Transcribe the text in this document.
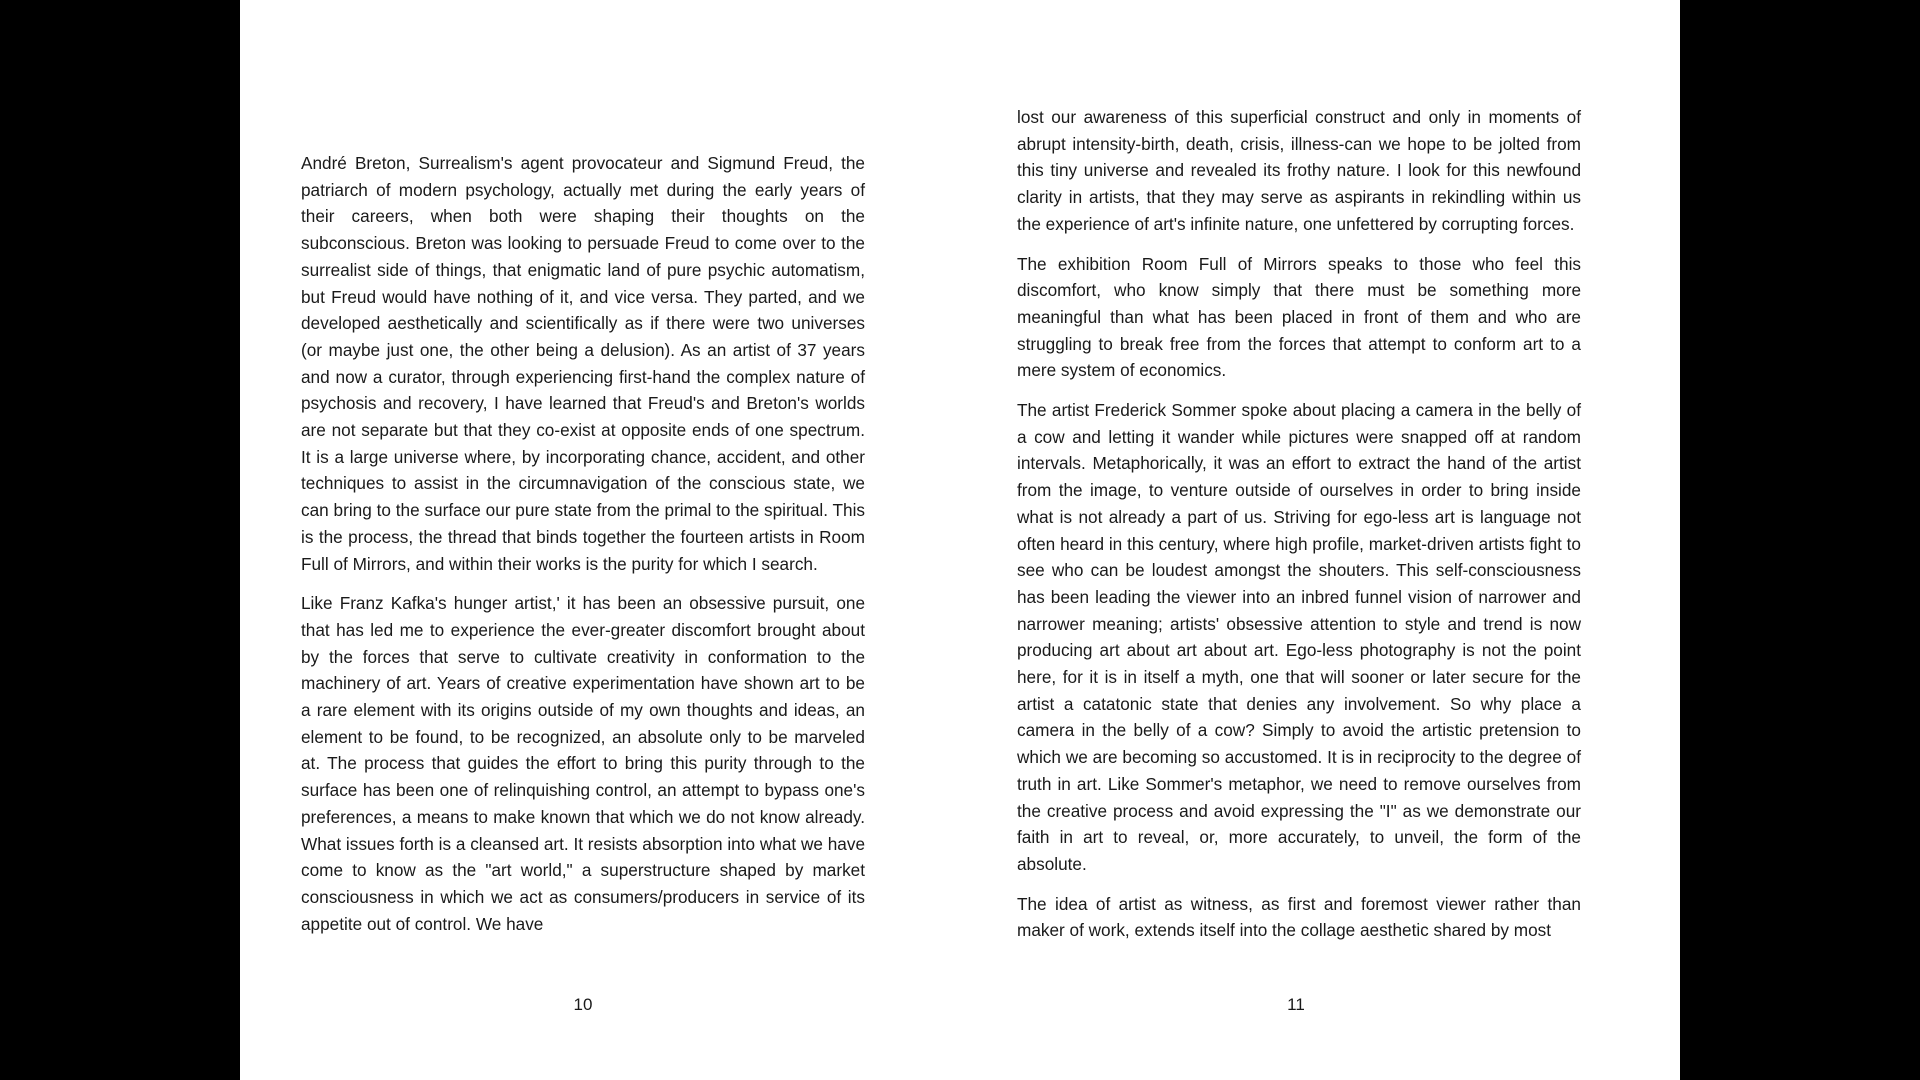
André Breton, Surrealism's agent provocateur and Sigmund Freud, the patriarch of modern psychology, actually met during the early years of their careers, when both were shaping their thoughts on the subconscious. Breton was looking to persuade Freud to come over to the surrealist side of things, that enigmatic land of pure psychic automatism, but Freud would have nothing of it, and vice versa. They parted, and we developed aesthetically and scientifically as if there were two universes (or maybe just one, the other being a delusion). As an artist of 37 years and now a curator, through experiencing first-hand the complex nature of psychosis and recovery, I have learned that Freud's and Breton's worlds are not separate but that they co-exist at opposite ends of one spectrum. It is a large universe where, by incorporating chance, accident, and other techniques to assist in the circumnavigation of the conscious state, we can bring to the surface our pure state from the primal to the spiritual. This is the process, the thread that binds together the fourteen artists in Room Full of Mirrors, and within their works is the purity for which I search.

Like Franz Kafka's hunger artist,' it has been an obsessive pursuit, one that has led me to experience the ever-greater discomfort brought about by the forces that serve to cultivate creativity in conformation to the machinery of art. Years of creative experimentation have shown art to be a rare element with its origins outside of my own thoughts and ideas, an element to be found, to be recognized, an absolute only to be marveled at. The process that guides the effort to bring this purity through to the surface has been one of relinquishing control, an attempt to bypass one's preferences, a means to make known that which we do not know already. What issues forth is a cleansed art. It resists absorption into what we have come to know as the "art world," a superstructure shaped by market consciousness in which we act as consumers/producers in service of its appetite out of control. We have

10

lost our awareness of this superficial construct and only in moments of abrupt intensity-birth, death, crisis, illness-can we hope to be jolted from this tiny universe and revealed its frothy nature. I look for this newfound clarity in artists, that they may serve as aspirants in rekindling within us the experience of art's infinite nature, one unfettered by corrupting forces.

The exhibition Room Full of Mirrors speaks to those who feel this discomfort, who know simply that there must be something more meaningful than what has been placed in front of them and who are struggling to break free from the forces that attempt to conform art to a mere system of economics.

The artist Frederick Sommer spoke about placing a camera in the belly of a cow and letting it wander while pictures were snapped off at random intervals. Metaphorically, it was an effort to extract the hand of the artist from the image, to venture outside of ourselves in order to bring inside what is not already a part of us. Striving for ego-less art is language not often heard in this century, where high profile, market-driven artists fight to see who can be loudest amongst the shouters. This self-consciousness has been leading the viewer into an inbred funnel vision of narrower and narrower meaning; artists' obsessive attention to style and trend is now producing art about art about art. Ego-less photography is not the point here, for it is in itself a myth, one that will sooner or later secure for the artist a catatonic state that denies any involvement. So why place a camera in the belly of a cow? Simply to avoid the artistic pretension to which we are becoming so accustomed. It is in reciprocity to the degree of truth in art. Like Sommer's metaphor, we need to remove ourselves from the creative process and avoid expressing the "I" as we demonstrate our faith in art to reveal, or, more accurately, to unveil, the form of the absolute.

The idea of artist as witness, as first and foremost viewer rather than maker of work, extends itself into the collage aesthetic shared by most

11
